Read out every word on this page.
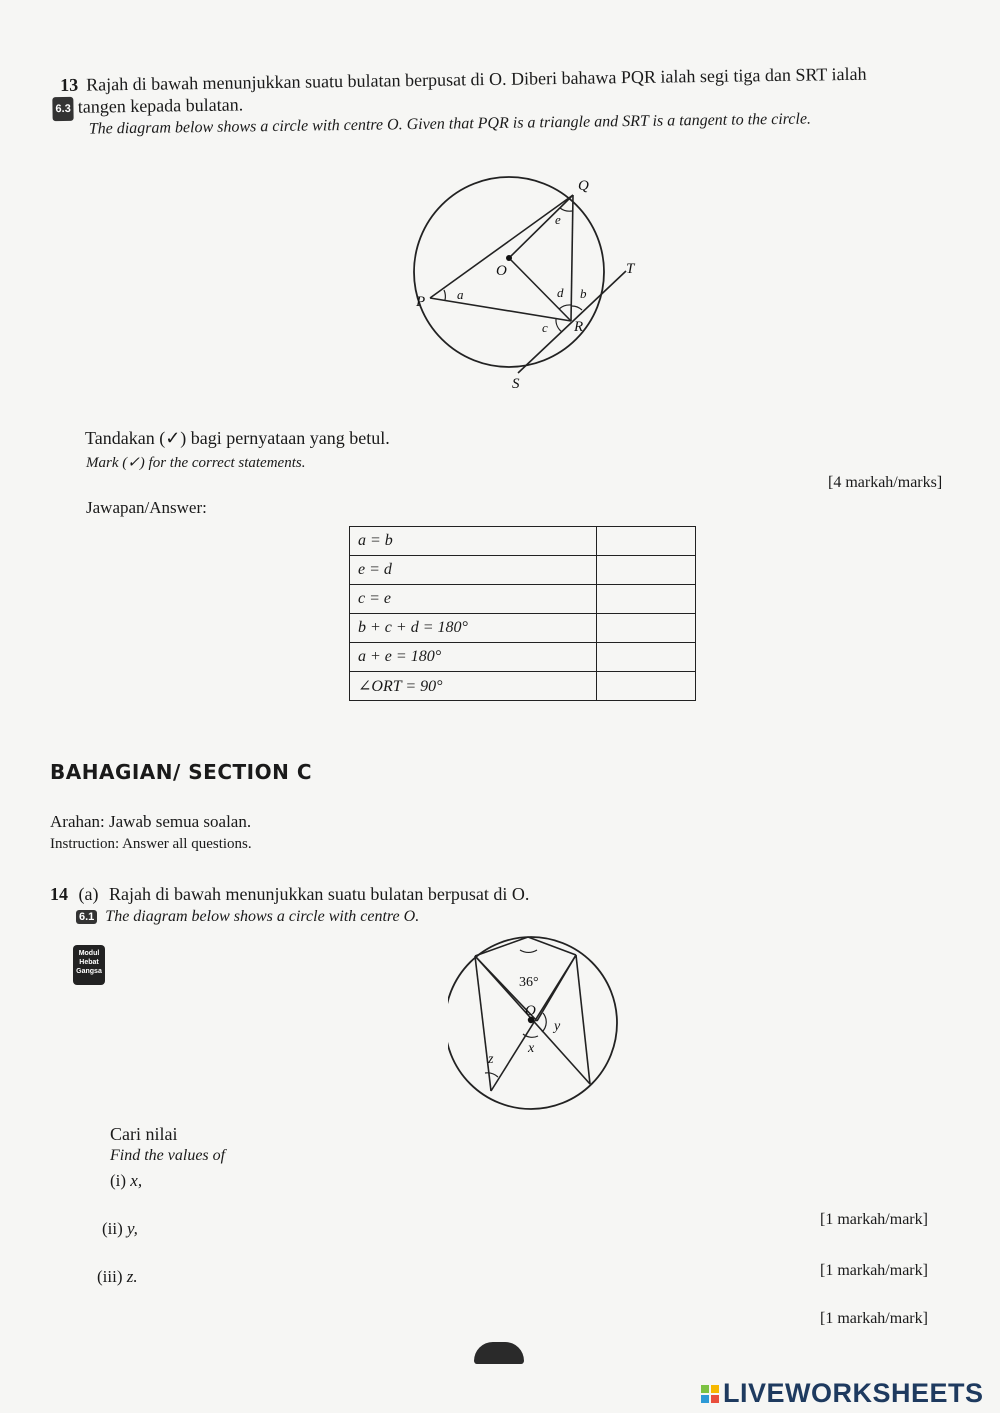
13 Rajah di bawah menunjukkan suatu bulatan berpusat di O. Diberi bahawa PQR ialah segi tiga dan SRT ialah
6.3 tangen kepada bulatan.
The diagram below shows a circle with centre O. Given that PQR is a triangle and SRT is a tangent to the circle.
Q
O	T
P
R
S
a	b
c
d
e
Tandakan (✓) bagi pernyataan yang betul.
Mark (✓) for the correct statements.
[4 markah/marks]
Jawapan/Answer:
a = b	
e = d	
c = e	
b + c + d = 180°	
a + e = 180°	
∠ORT = 90°	
BAHAGIAN/ SECTION C
Arahan: Jawab semua soalan.
Instruction: Answer all questions.
14 (a) Rajah di bawah menunjukkan suatu bulatan berpusat di O.
6.1 The diagram below shows a circle with centre O.
Modul
Hebat
Gangsa
36°
O
x
y
z
Cari nilai
Find the values of
(i) x,
(ii) y,
(iii) z.
[1 markah/mark]
[1 markah/mark]
[1 markah/mark]
LIVEWORKSHEETS
